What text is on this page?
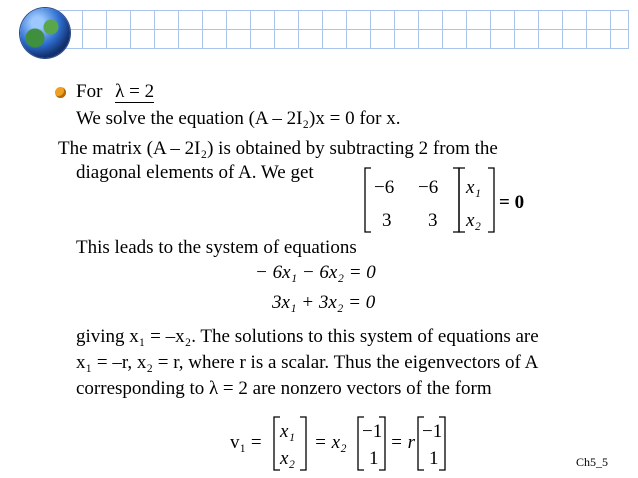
For λ = 2
We solve the equation (A – 2I₂)x = 0 for x.
The matrix (A – 2I₂) is obtained by subtracting 2 from the
diagonal elements of A. We get
−6 −6
3 3
x₁
x₂
= 0
This leads to the system of equations
− 6x₁ − 6x₂ = 0
3x₁ + 3x₂ = 0
giving x₁ = –x₂. The solutions to this system of equations are
x₁ = –r, x₂ = r, where r is a scalar. Thus the eigenvectors of A
corresponding to λ = 2 are nonzero vectors of the form
v₁ =
x₁
x₂
= x₂
−1
1
= r
−1
1	Ch5_5
